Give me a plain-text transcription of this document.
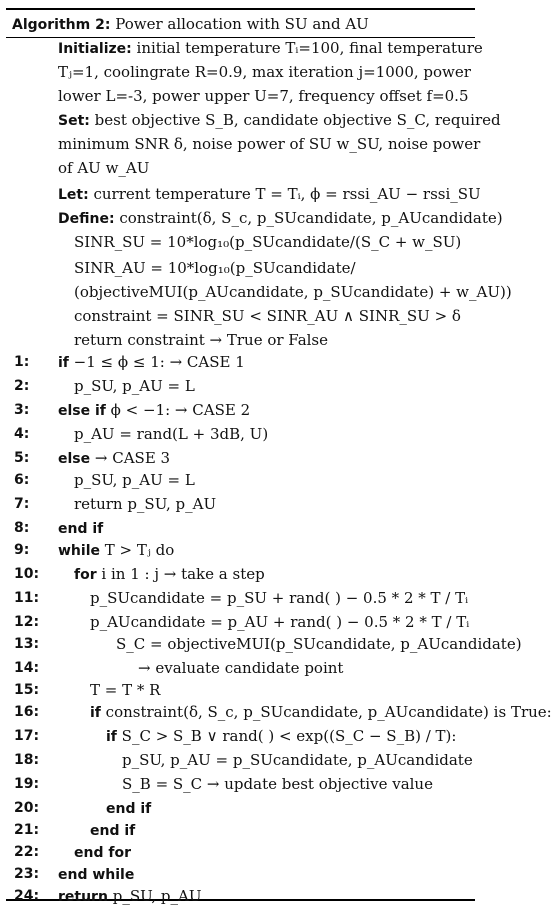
Algorithm 2: Power allocation with SU and AU
Initialize: initial temperature Tᵢ=100, final temperature
Tⱼ=1, coolingrate R=0.9, max iteration j=1000, power
lower L=-3, power upper U=7, frequency offset f=0.5
Set: best objective S_B, candidate objective S_C, required
minimum SNR δ, noise power of SU w_SU, noise power
of AU w_AU
Let: current temperature T = Tᵢ, ϕ = rssi_AU − rssi_SU
Define: constraint(δ, S_c, p_SUcandidate, p_AUcandidate)
SINR_SU = 10*log₁₀(p_SUcandidate/(S_C + w_SU)
SINR_AU = 10*log₁₀(p_SUcandidate/
(objectiveMUI(p_AUcandidate, p_SUcandidate) + w_AU))
constraint = SINR_SU < SINR_AU ∧ SINR_SU > δ
return constraint → True or False
1: if −1 ≤ ϕ ≤ 1: → CASE 1
2:	p_SU, p_AU = L
3: else if ϕ < −1: → CASE 2
4:	p_AU = rand(L + 3dB, U)
5: else → CASE 3
6:	p_SU, p_AU = L
7:	return p_SU, p_AU
8: end if
9: while T > Tⱼ do
10: for i in 1 : j → take a step
11:	p_SUcandidate = p_SU + rand( ) − 0.5 * 2 * T / Tᵢ
12:	p_AUcandidate = p_AU + rand( ) − 0.5 * 2 * T / Tᵢ
13:	S_C = objectiveMUI(p_SUcandidate, p_AUcandidate)
14:	→ evaluate candidate point
15:	T = T * R
16:	if constraint(δ, S_c, p_SUcandidate, p_AUcandidate) is True:
17:	if S_C > S_B ∨ rand( ) < exp((S_C − S_B) / T):
18:	p_SU, p_AU = p_SUcandidate, p_AUcandidate
19:	S_B = S_C → update best objective value
20:	end if
21:	end if
22: end for
23: end while
24: return p_SU, p_AU
